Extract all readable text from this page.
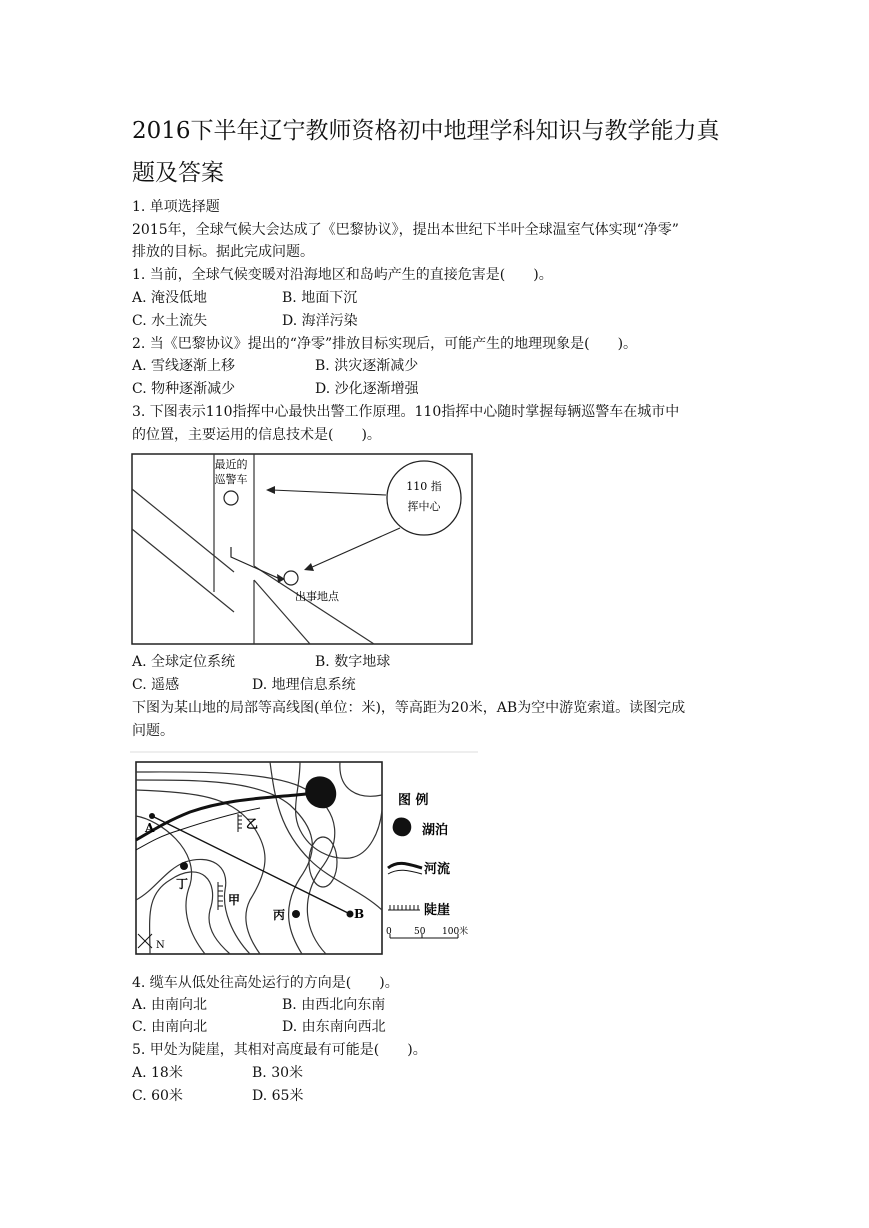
2016下半年辽宁教师资格初中地理学科知识与教学能力真
题及答案
1. 单项选择题
2015年，全球气候大会达成了《巴黎协议》，提出本世纪下半叶全球温室气体实现“净零”
排放的目标。据此完成问题。
1. 当前，全球气候变暖对沿海地区和岛屿产生的直接危害是(　　)。
A. 淹没低地	B. 地面下沉
C. 水土流失	D. 海洋污染
2. 当《巴黎协议》提出的“净零”排放目标实现后，可能产生的地理现象是(　　)。
A. 雪线逐渐上移	B. 洪灾逐渐减少
C. 物种逐渐减少	D. 沙化逐渐增强
3. 下图表示110指挥中心最快出警工作原理。110指挥中心随时掌握每辆巡警车在城市中
的位置，主要运用的信息技术是(　　)。
最近的
巡警车
出事地点
110 指
挥中心
A. 全球定位系统	B. 数字地球
C. 遥感	D. 地理信息系统
下图为某山地的局部等高线图(单位：米)，等高距为20米，AB为空中游览索道。读图完成
问题。
A
B
乙
甲
丁
丙
N
图 例
湖泊
河流
陡崖
0 50 100米
4. 缆车从低处往高处运行的方向是(　　)。
A. 由南向北	B. 由西北向东南
C. 由南向北	D. 由东南向西北
5. 甲处为陡崖，其相对高度最有可能是(　　)。
A. 18米	B. 30米
C. 60米	D. 65米
